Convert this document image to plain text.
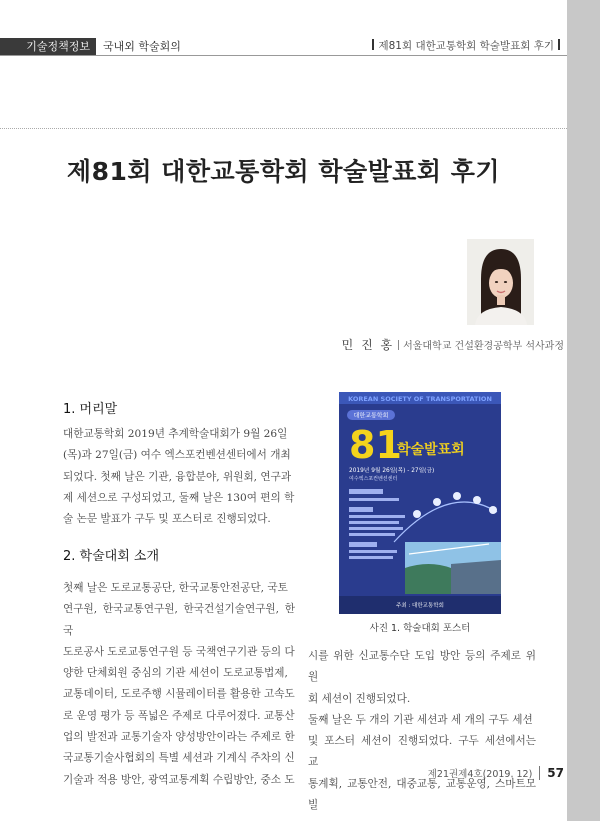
기술정책정보	국내외 학술회의	제81회 대한교통학회 학술발표회 후기
제81회 대한교통학회 학술발표회 후기
민 진 홍 서울대학교 건설환경공학부 석사과정
1. 머리말
대한교통학회 2019년 추계학술대회가 9월 26일
(목)과 27일(금) 여수 엑스포컨벤션센터에서 개최
되었다. 첫째 날은 기관, 융합분야, 위원회, 연구과
제 세션으로 구성되었고, 둘째 날은 130여 편의 학
술 논문 발표가 구두 및 포스터로 진행되었다.
2. 학술대회 소개
첫째 날은 도로교통공단, 한국교통안전공단, 국토
연구원, 한국교통연구원, 한국건설기술연구원, 한국
도로공사 도로교통연구원 등 국책연구기관 등의 다
양한 단체회원 중심의 기관 세션이 도로교통법제,
교통데이터, 도로주행 시뮬레이터를 활용한 고속도
로 운영 평가 등 폭넓은 주제로 다루어졌다. 교통산
업의 발전과 교통기술자 양성방안이라는 주제로 한
국교통기술사협회의 특별 세션과 기계식 주차의 신
기술과 적용 방안, 광역교통계획 수립방안, 중소 도
KOREAN SOCIETY OF TRANSPORTATION
대한교통학회
81
학술발표회
2019년 9월 26일(목) - 27일(금)
여수엑스포컨벤션센터
주최 : 대한교통학회
사진 1. 학술대회 포스터
시를 위한 신교통수단 도입 방안 등의 주제로 위원
회 세션이 진행되었다.
둘째 날은 두 개의 기관 세션과 세 개의 구두 세션
및 포스터 세션이 진행되었다. 구두 세션에서는 교
통계획, 교통안전, 대중교통, 교통운영, 스마트모빌
제21권제4호(2019. 12) 57
